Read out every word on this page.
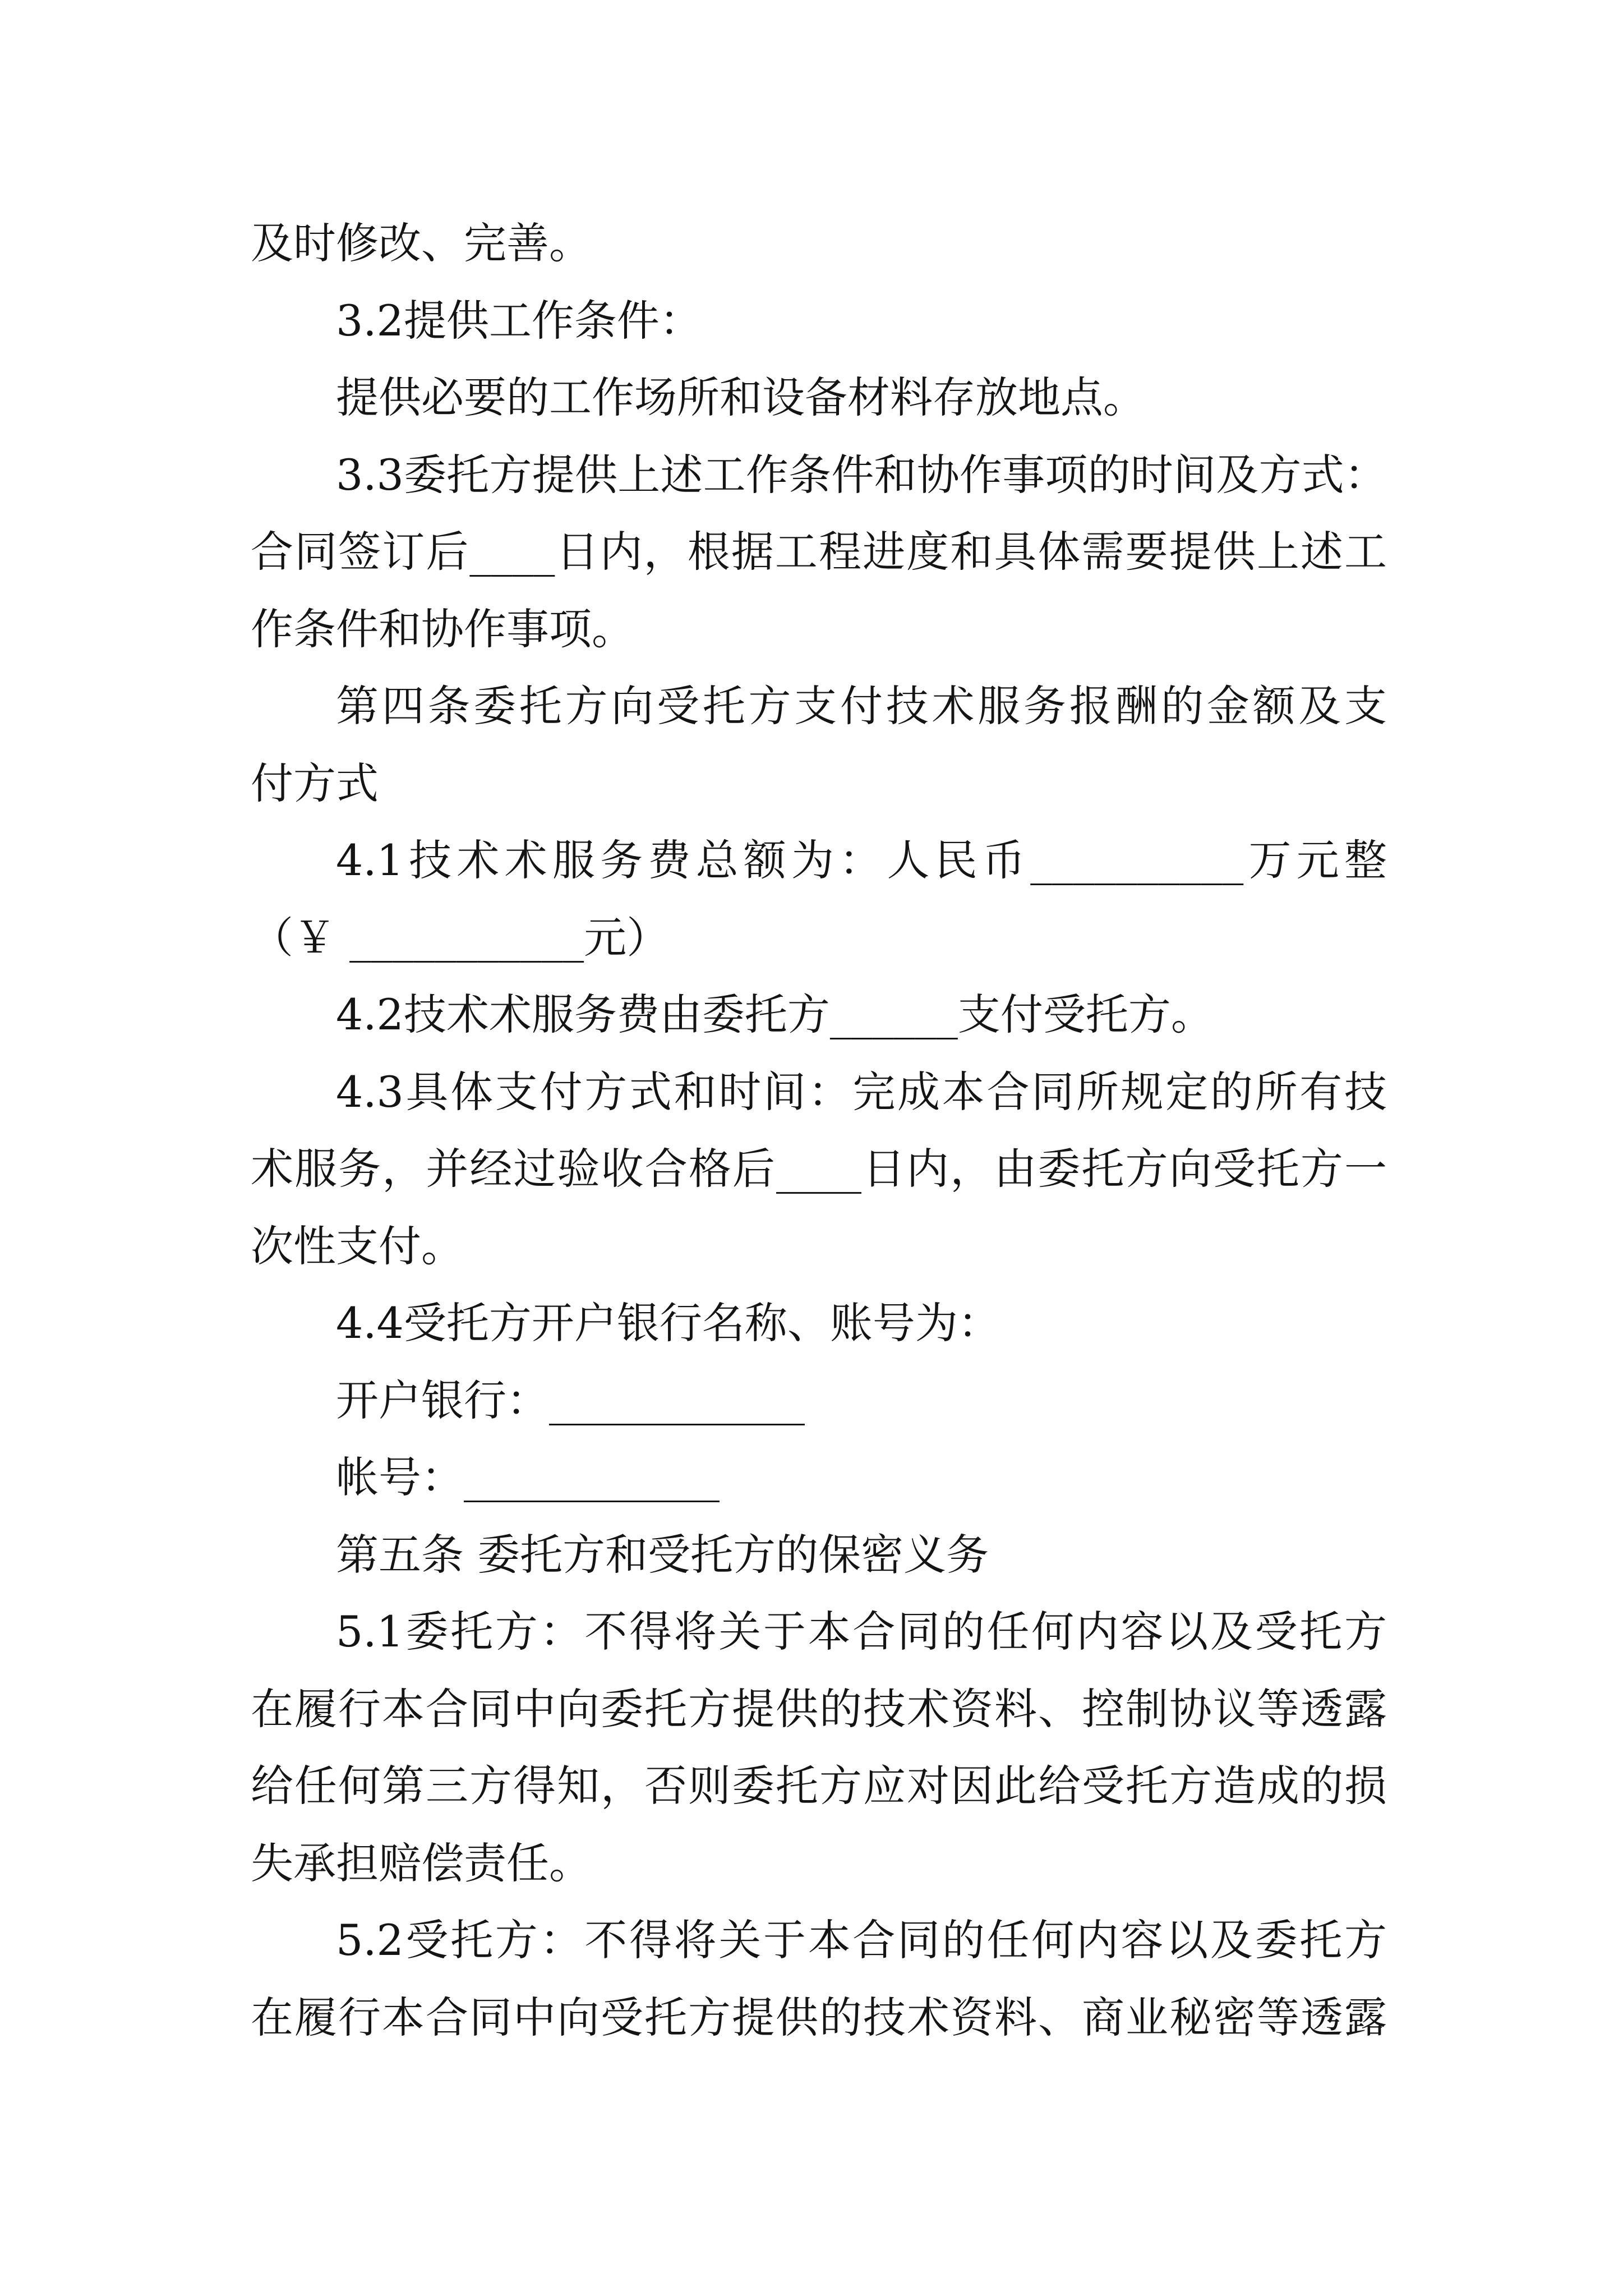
及时修改、完善。
3.2提供工作条件：
提供必要的工作场所和设备材料存放地点。
3.3委托方提供上述工作条件和协作事项的时间及方式：
合同签订后____日内，根据工程进度和具体需要提供上述工
作条件和协作事项。
第四条委托方向受托方支付技术服务报酬的金额及支
付方式
4.1技术术服务费总额为：人民币__________万元整
（￥ ___________元）
4.2技术术服务费由委托方______支付受托方。
4.3具体支付方式和时间：完成本合同所规定的所有技
术服务，并经过验收合格后____日内，由委托方向受托方一
次性支付。
4.4受托方开户银行名称、账号为：
开户银行：____________
帐号：____________
第五条 委托方和受托方的保密义务
5.1委托方：不得将关于本合同的任何内容以及受托方
在履行本合同中向委托方提供的技术资料、控制协议等透露
给任何第三方得知，否则委托方应对因此给受托方造成的损
失承担赔偿责任。
5.2受托方：不得将关于本合同的任何内容以及委托方
在履行本合同中向受托方提供的技术资料、商业秘密等透露
